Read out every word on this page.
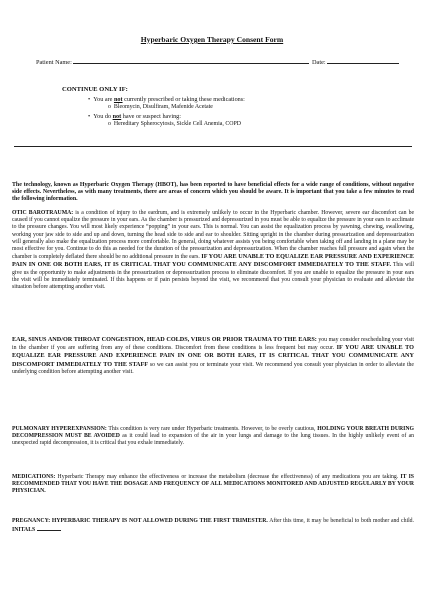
Hyperbaric Oxygen Therapy Consent Form
Patient Name:	Date:
CONTINUE ONLY IF:
•  You are not currently prescribed or taking these medications:
o Bleomycin, Disulfiram, Mafenide Acetate
•  You do not have or suspect having:
o Hereditary Spherocytosis, Sickle Cell Anemia, COPD
The technology, known as Hyperbaric Oxygen Therapy (HBOT), has been reported to have beneficial effects for a wide range of conditions, without negative side effects. Nevertheless, as with many treatments, there are areas of concern which you should be aware. It is important that you take a few minutes to read the following information.
OTIC BAROTRAUMA: is a condition of injury to the eardrum, and is extremely unlikely to occur in the Hyperbaric chamber. However, severe ear discomfort can be caused if you cannot equalize the pressure in your ears. As the chamber is pressurized and depressurized in you must be able to equalize the pressure in your ears to acclimate to the pressure changes. You will most likely experience “popping” in your ears. This is normal. You can assist the equalization process by yawning, chewing, swallowing, working your jaw side to side and up and down, turning the head side to side and ear to shoulder. Sitting upright in the chamber during pressurization and depressurization will generally also make the equalization process more comfortable. In general, doing whatever assists you being comfortable when taking off and landing in a plane may be most effective for you. Continue to do this as needed for the duration of the pressurization and depressurization. When the chamber reaches full pressure and again when the chamber is completely deflated there should be no additional pressure in the ears. IF YOU ARE UNABLE TO EQUALIZE EAR PRESSURE AND EXPERIENCE PAIN IN ONE OR BOTH EARS, IT IS CRITICAL THAT YOU COMMUNICATE ANY DISCOMFORT IMMEDIATELY TO THE STAFF. This will give us the opportunity to make adjustments in the pressurization or depressurization process to eliminate discomfort. If you are unable to equalize the pressure in your ears the visit will be immediately terminated. If this happens or if pain persists beyond the visit, we recommend that you consult your physician to evaluate and alleviate the situation before attempting another visit.
EAR, SINUS AND/OR THROAT CONGESTION, HEAD COLDS, VIRUS OR PRIOR TRAUMA TO THE EARS: you may consider rescheduling your visit in the chamber if you are suffering from any of these conditions. Discomfort from these conditions is less frequent but may occur. IF YOU ARE UNABLE TO EQUALIZE EAR PRESSURE AND EXPERIENCE PAIN IN ONE OR BOTH EARS, IT IS CRITICAL THAT YOU COMMUNICATE ANY DISCOMFORT IMMEDIATELY TO THE STAFF so we can assist you or terminate your visit. We recommend you consult your physician in order to alleviate the underlying condition before attempting another visit.
PULMONARY HYPEREXPANSION: This condition is very rare under Hyperbaric treatments. However, to be overly cautious, HOLDING YOUR BREATH DURING DECOMPRESSION MUST BE AVOIDED as it could lead to expansion of the air in your lungs and damage to the lung tissues. In the highly unlikely event of an unexpected rapid decompression, it is critical that you exhale immediately.
MEDICATIONS: Hyperbaric Therapy may enhance the effectiveness or increase the metabolism (decrease the effectiveness) of any medications you are taking. IT IS RECOMMENDED THAT YOU HAVE THE DOSAGE AND FREQUENCY OF ALL MEDICATIONS MONITORED AND ADJUSTED REGULARLY BY YOUR PHYSICIAN.
PREGNANCY: HYPERBARIC THERAPY IS NOT ALLOWED DURING THE FIRST TRIMESTER. After this time, it may be beneficial to both mother and child. INITALS
